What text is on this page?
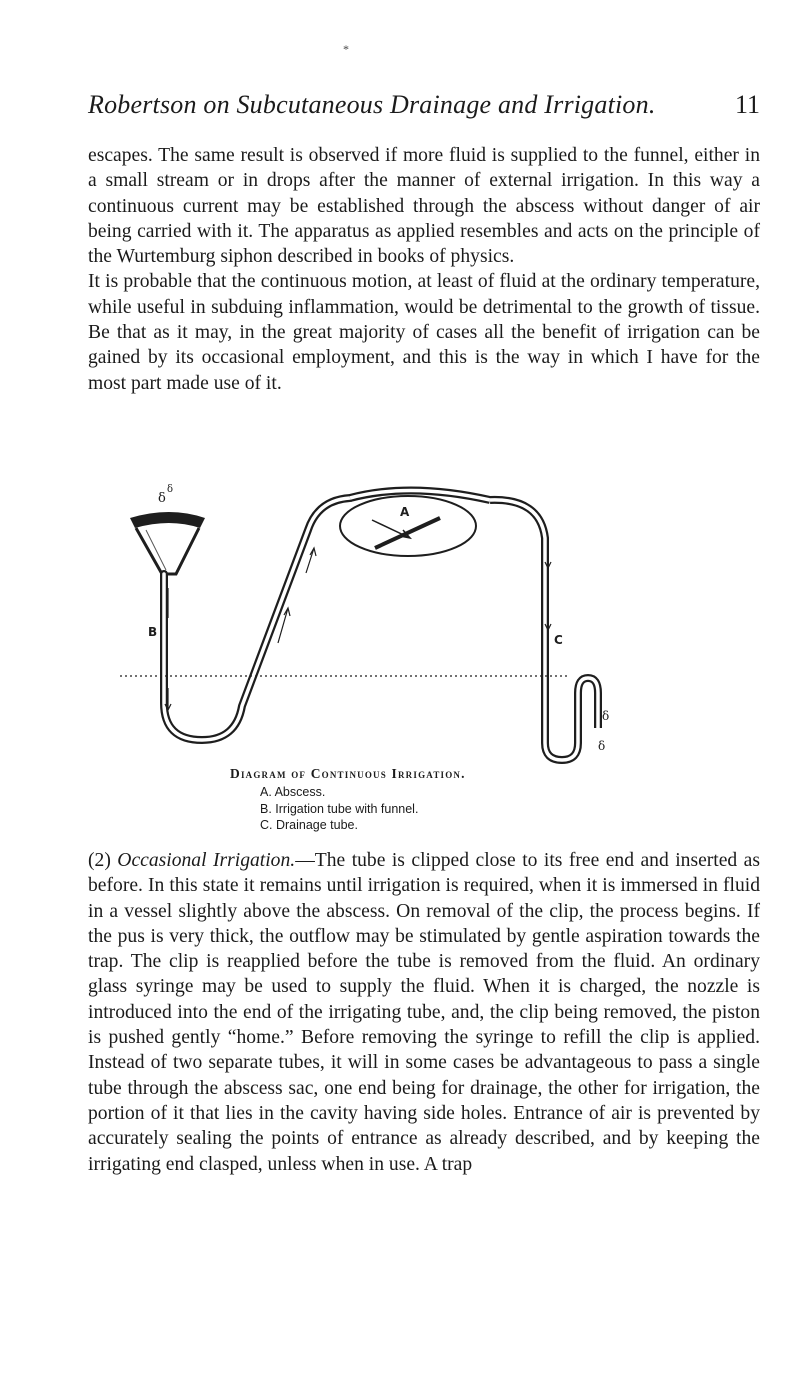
*
Robertson on Subcutaneous Drainage and Irrigation.	11
escapes. The same result is observed if more fluid is supplied to the funnel, either in a small stream or in drops after the manner of external irrigation. In this way a continuous current may be established through the abscess without danger of air being carried with it. The apparatus as applied resembles and acts on the principle of the Wurtemburg siphon described in books of physics.
It is probable that the continuous motion, at least of fluid at the ordinary temperature, while useful in subduing inflammation, would be detrimental to the growth of tissue. Be that as it may, in the great majority of cases all the benefit of irrigation can be gained by its occasional employment, and this is the way in which I have for the most part made use of it.
δ
δ
B
A
C
δ
δ

Diagram of Continuous Irrigation.

A. Abscess.

B. Irrigation tube with funnel.

C. Drainage tube.

(2) Occasional Irrigation.—The tube is clipped close to its free end and inserted as before. In this state it remains until irrigation is required, when it is immersed in fluid in a vessel slightly above the abscess. On removal of the clip, the process begins. If the pus is very thick, the outflow may be stimulated by gentle aspiration towards the trap. The clip is reapplied before the tube is removed from the fluid. An ordinary glass syringe may be used to supply the fluid. When it is charged, the nozzle is introduced into the end of the irrigating tube, and, the clip being removed, the piston is pushed gently “home.” Before removing the syringe to refill the clip is applied. Instead of two separate tubes, it will in some cases be advantageous to pass a single tube through the abscess sac, one end being for drainage, the other for irrigation, the portion of it that lies in the cavity having side holes. Entrance of air is prevented by accurately sealing the points of entrance as already described, and by keeping the irrigating end clasped, unless when in use. A trap
